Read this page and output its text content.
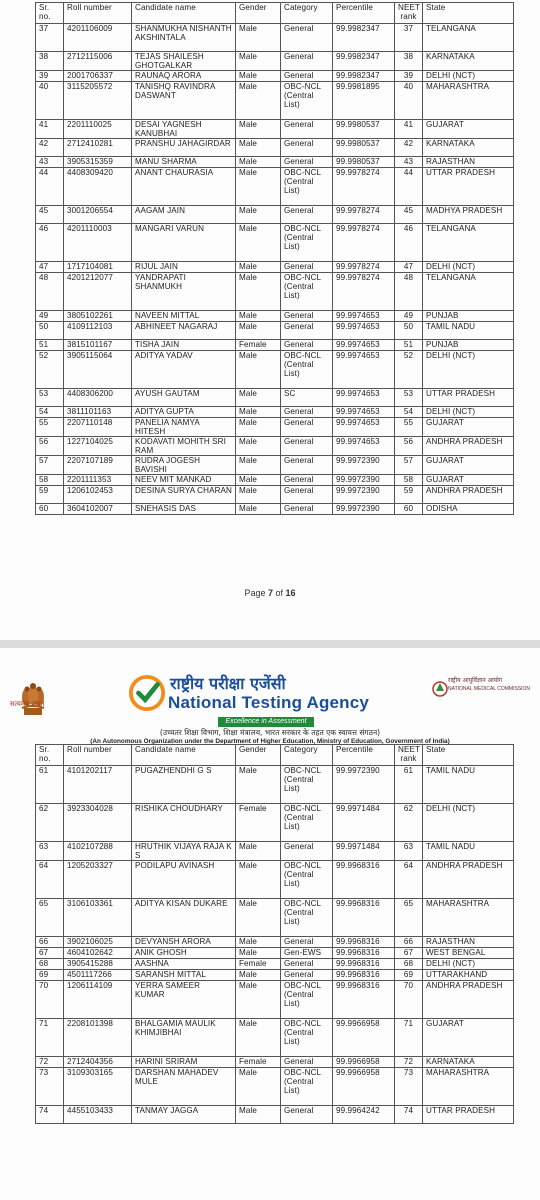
Sr. no.	Roll number	Candidate name	Gender	Category	Percentile	NEET rank	State
37	4201106009	SHANMUKHA NISHANTH AKSHINTALA	Male	General	99.9982347	37	TELANGANA
38	2712115006	TEJAS SHAILESH GHOTGALKAR	Male	General	99.9982347	38	KARNATAKA
39	2001706337	RAUNAQ ARORA	Male	General	99.9982347	39	DELHI (NCT)
40	3115205572	TANISHQ RAVINDRA DASWANT	Male	OBC-NCL (Central List)	99.9981895	40	MAHARASHTRA
41	2201110025	DESAI YAGNESH KANUBHAI	Male	General	99.9980537	41	GUJARAT
42	2712410281	PRANSHU JAHAGIRDAR	Male	General	99.9980537	42	KARNATAKA
43	3905315359	MANU SHARMA	Male	General	99.9980537	43	RAJASTHAN
44	4408309420	ANANT CHAURASIA	Male	OBC-NCL (Central List)	99.9978274	44	UTTAR PRADESH
45	3001206554	AAGAM JAIN	Male	General	99.9978274	45	MADHYA PRADESH
46	4201110003	MANGARI VARUN	Male	OBC-NCL (Central List)	99.9978274	46	TELANGANA
47	1717104081	RIJUL JAIN	Male	General	99.9978274	47	DELHI (NCT)
48	4201212077	YANDRAPATI SHANMUKH	Male	OBC-NCL (Central List)	99.9978274	48	TELANGANA
49	3805102261	NAVEEN MITTAL	Male	General	99.9974653	49	PUNJAB
50	4109112103	ABHINEET NAGARAJ	Male	General	99.9974653	50	TAMIL NADU
51	3815101167	TISHA JAIN	Female	General	99.9974653	51	PUNJAB
52	3905115064	ADITYA YADAV	Male	OBC-NCL (Central List)	99.9974653	52	DELHI (NCT)
53	4408306200	AYUSH GAUTAM	Male	SC	99.9974653	53	UTTAR PRADESH
54	3811101163	ADITYA GUPTA	Male	General	99.9974653	54	DELHI (NCT)
55	2207110148	PANELIA NAMYA HITESH	Male	General	99.9974653	55	GUJARAT
56	1227104025	KODAVATI MOHITH SRI RAM	Male	General	99.9974653	56	ANDHRA PRADESH
57	2207107189	RUDRA JOGESH BAVISHI	Male	General	99.9972390	57	GUJARAT
58	2201111353	NEEV MIT MANKAD	Male	General	99.9972390	58	GUJARAT
59	1206102453	DESINA SURYA CHARAN	Male	General	99.9972390	59	ANDHRA PRADESH
60	3604102007	SNEHASIS DAS	Male	General	99.9972390	60	ODISHA
Page 7 of 16
सत्यमेव जयते
राष्ट्रीय परीक्षा एजेंसी
National Testing Agency
Excellence in Assessment
राष्ट्रीय आयुर्विज्ञान आयोग
NATIONAL MEDICAL COMMISSION
(उच्चतर शिक्षा विभाग, शिक्षा मंत्रालय, भारत सरकार के तहत एक स्वायत्त संगठन)
(An Autonomous Organization under the Department of Higher Education, Ministry of Education, Government of India)
Sr. no.	Roll number	Candidate name	Gender	Category	Percentile	NEET rank	State
61	4101202117	PUGAZHENDHI G S	Male	OBC-NCL (Central List)	99.9972390	61	TAMIL NADU
62	3923304028	RISHIKA CHOUDHARY	Female	OBC-NCL (Central List)	99.9971484	62	DELHI (NCT)
63	4102107288	HRUTHIK VIJAYA RAJA K S	Male	General	99.9971484	63	TAMIL NADU
64	1205203327	PODILAPU AVINASH	Male	OBC-NCL (Central List)	99.9968316	64	ANDHRA PRADESH
65	3106103361	ADITYA KISAN DUKARE	Male	OBC-NCL (Central List)	99.9968316	65	MAHARASHTRA
66	3902106025	DEVYANSH ARORA	Male	General	99.9968316	66	RAJASTHAN
67	4604102642	ANIK GHOSH	Male	Gen-EWS	99.9968316	67	WEST BENGAL
68	3905415288	AASHNA	Female	General	99.9968316	68	DELHI (NCT)
69	4501117266	SARANSH MITTAL	Male	General	99.9968316	69	UTTARAKHAND
70	1206114109	YERRA SAMEER KUMAR	Male	OBC-NCL (Central List)	99.9968316	70	ANDHRA PRADESH
71	2208101398	BHALGAMIA MAULIK KHIMJIBHAI	Male	OBC-NCL (Central List)	99.9966958	71	GUJARAT
72	2712404356	HARINI SRIRAM	Female	General	99.9966958	72	KARNATAKA
73	3109303165	DARSHAN MAHADEV MULE	Male	OBC-NCL (Central List)	99.9966958	73	MAHARASHTRA
74	4455103433	TANMAY JAGGA	Male	General	99.9964242	74	UTTAR PRADESH
